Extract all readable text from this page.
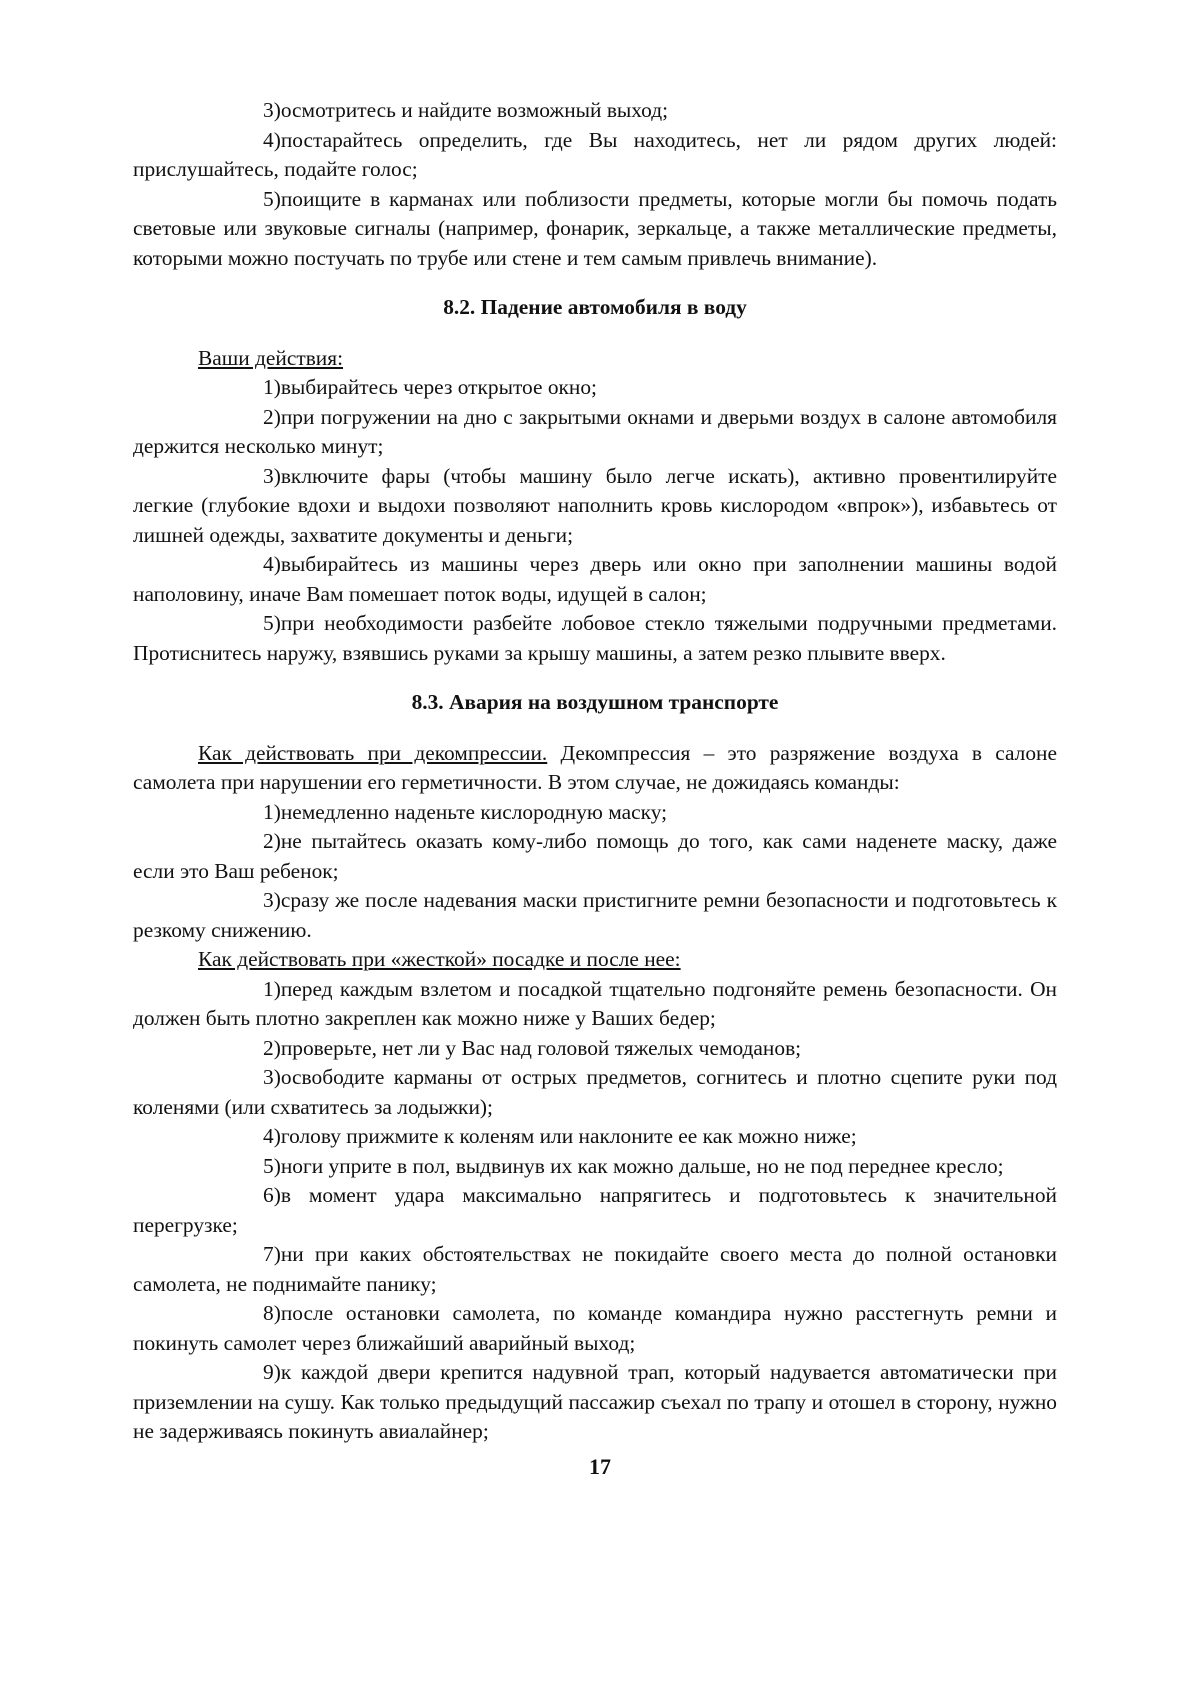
3)осмотритесь и найдите возможный выход;

4)постарайтесь определить, где Вы находитесь, нет ли рядом других людей: прислушайтесь, подайте голос;

5)поищите в карманах или поблизости предметы, которые могли бы помочь подать световые или звуковые сигналы (например, фонарик, зеркальце, а также металлические предметы, которыми можно постучать по трубе или стене и тем самым привлечь внимание).

8.2. Падение автомобиля в воду

Ваши действия:

1)выбирайтесь через открытое окно;

2)при погружении на дно с закрытыми окнами и дверьми воздух в салоне автомобиля держится несколько минут;

3)включите фары (чтобы машину было легче искать), активно провентилируйте легкие (глубокие вдохи и выдохи позволяют наполнить кровь кислородом «впрок»), избавьтесь от лишней одежды, захватите документы и деньги;

4)выбирайтесь из машины через дверь или окно при заполнении машины водой наполовину, иначе Вам помешает поток воды, идущей в салон;

5)при необходимости разбейте лобовое стекло тяжелыми подручными предметами. Протиснитесь наружу, взявшись руками за крышу машины, а затем резко плывите вверх.

8.3. Авария на воздушном транспорте

Как действовать при декомпрессии. Декомпрессия – это разряжение воздуха в салоне самолета при нарушении его герметичности. В этом случае, не дожидаясь команды:

1)немедленно наденьте кислородную маску;

2)не пытайтесь оказать кому-либо помощь до того, как сами наденете маску, даже если это Ваш ребенок;

3)сразу же после надевания маски пристигните ремни безопасности и подготовьтесь к резкому снижению.

Как действовать при «жесткой» посадке и после нее:

1)перед каждым взлетом и посадкой тщательно подгоняйте ремень безопасности. Он должен быть плотно закреплен как можно ниже у Ваших бедер;

2)проверьте, нет ли у Вас над головой тяжелых чемоданов;

3)освободите карманы от острых предметов, согнитесь и плотно сцепите руки под коленями (или схватитесь за лодыжки);

4)голову прижмите к коленям или наклоните ее как можно ниже;

5)ноги уприте в пол, выдвинув их как можно дальше, но не под переднее кресло;

6)в момент удара максимально напрягитесь и подготовьтесь к значительной перегрузке;

7)ни при каких обстоятельствах не покидайте своего места до полной остановки самолета, не поднимайте панику;

8)после остановки самолета, по команде командира нужно расстегнуть ремни и покинуть самолет через ближайший аварийный выход;

9)к каждой двери крепится надувной трап, который надувается автоматически при приземлении на сушу. Как только предыдущий пассажир съехал по трапу и отошел в сторону, нужно не задерживаясь покинуть авиалайнер;

17
